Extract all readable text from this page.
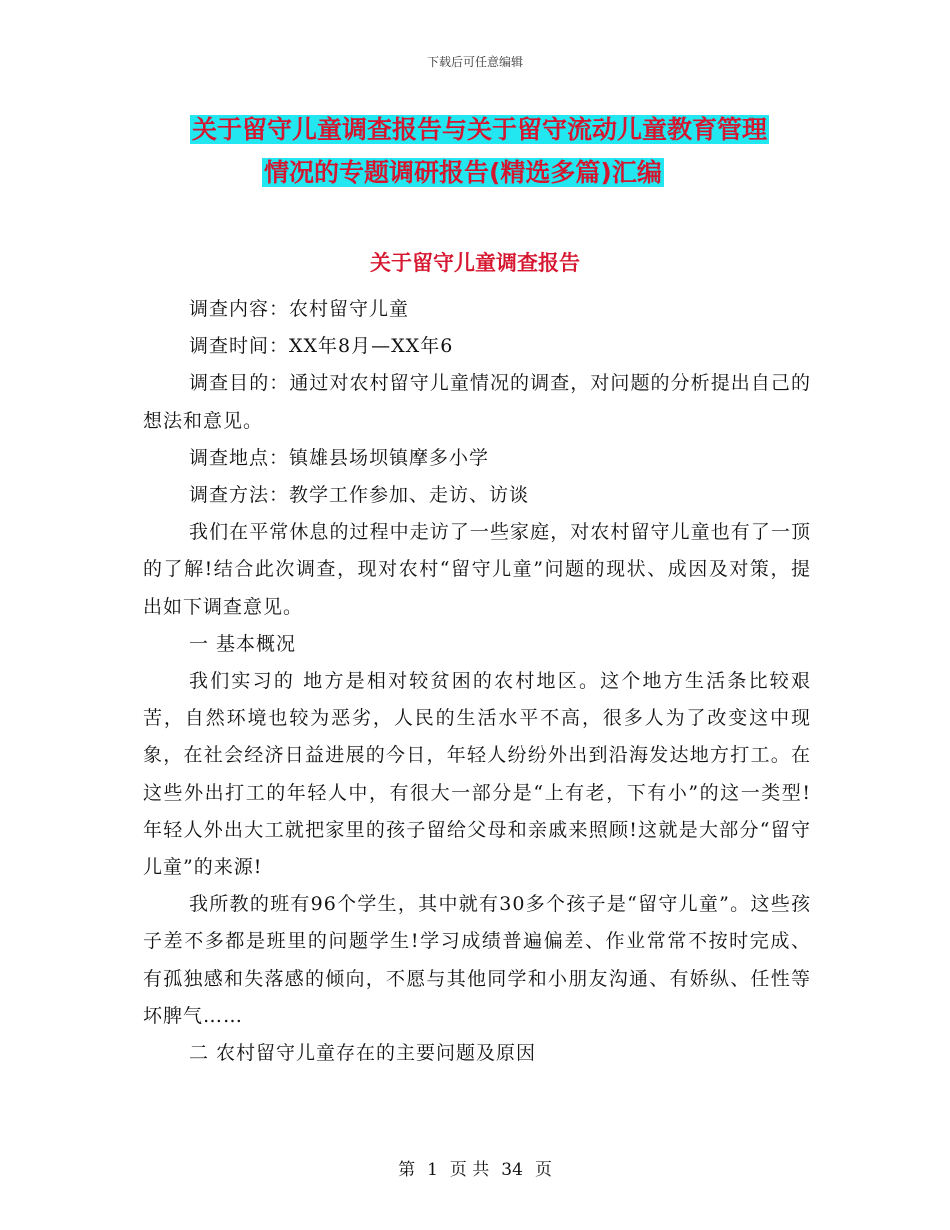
下载后可任意编辑
关于留守儿童调查报告与关于留守流动儿童教育管理
情况的专题调研报告(精选多篇)汇编
关于留守儿童调查报告

调查内容：农村留守儿童

调查时间：XX年8月—XX年6

调查目的：通过对农村留守儿童情况的调查，对问题的分析提出自己的想法和意见。

调查地点：镇雄县场坝镇摩多小学

调查方法：教学工作参加、走访、访谈

我们在平常休息的过程中走访了一些家庭，对农村留守儿童也有了一顶的了解!结合此次调查，现对农村“留守儿童”问题的现状、成因及对策，提出如下调查意见。

一 基本概况

我们实习的 地方是相对较贫困的农村地区。这个地方生活条比较艰苦，自然环境也较为恶劣，人民的生活水平不高，很多人为了改变这中现象，在社会经济日益进展的今日，年轻人纷纷外出到沿海发达地方打工。在这些外出打工的年轻人中，有很大一部分是“上有老，下有小”的这一类型!年轻人外出大工就把家里的孩子留给父母和亲戚来照顾!这就是大部分“留守儿童”的来源!

我所教的班有96个学生，其中就有30多个孩子是“留守儿童”。这些孩子差不多都是班里的问题学生!学习成绩普遍偏差、作业常常不按时完成、有孤独感和失落感的倾向，不愿与其他同学和小朋友沟通、有娇纵、任性等坏脾气……

二 农村留守儿童存在的主要问题及原因

第 1 页 共 34 页
